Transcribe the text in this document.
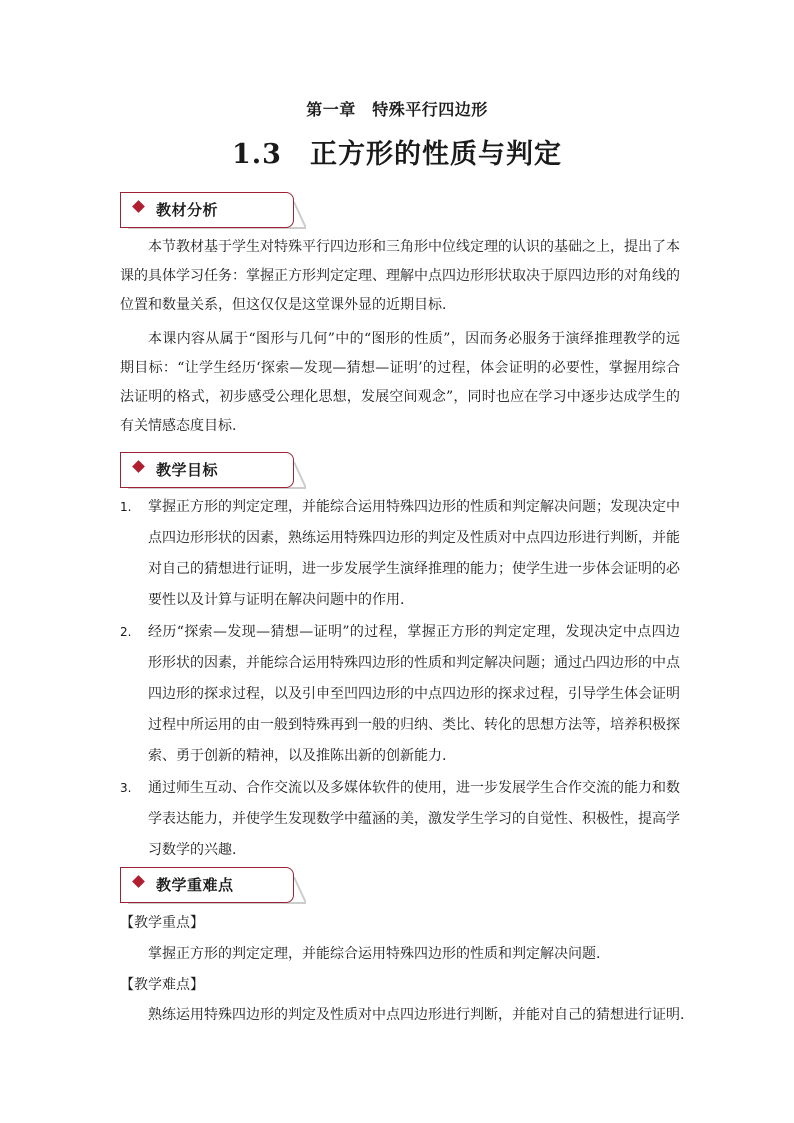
第一章　特殊平行四边形
1.3　正方形的性质与判定
教材分析
本节教材基于学生对特殊平行四边形和三角形中位线定理的认识的基础之上，提出了本课的具体学习任务：掌握正方形判定定理、理解中点四边形形状取决于原四边形的对角线的位置和数量关系，但这仅仅是这堂课外显的近期目标.
本课内容从属于“图形与几何”中的“图形的性质”，因而务必服务于演绎推理教学的远期目标：“让学生经历‘探索—发现—猜想—证明’的过程，体会证明的必要性，掌握用综合法证明的格式，初步感受公理化思想，发展空间观念”，同时也应在学习中逐步达成学生的有关情感态度目标.
教学目标
1. 掌握正方形的判定定理，并能综合运用特殊四边形的性质和判定解决问题；发现决定中点四边形形状的因素，熟练运用特殊四边形的判定及性质对中点四边形进行判断，并能对自己的猜想进行证明，进一步发展学生演绎推理的能力；使学生进一步体会证明的必要性以及计算与证明在解决问题中的作用.
2. 经历“探索—发现—猜想—证明”的过程，掌握正方形的判定定理，发现决定中点四边形形状的因素，并能综合运用特殊四边形的性质和判定解决问题；通过凸四边形的中点四边形的探求过程，以及引申至凹四边形的中点四边形的探求过程，引导学生体会证明过程中所运用的由一般到特殊再到一般的归纳、类比、转化的思想方法等，培养积极探索、勇于创新的精神，以及推陈出新的创新能力.
3. 通过师生互动、合作交流以及多媒体软件的使用，进一步发展学生合作交流的能力和数学表达能力，并使学生发现数学中蕴涵的美，激发学生学习的自觉性、积极性，提高学习数学的兴趣.
教学重难点
【教学重点】
掌握正方形的判定定理，并能综合运用特殊四边形的性质和判定解决问题.
【教学难点】
熟练运用特殊四边形的判定及性质对中点四边形进行判断，并能对自己的猜想进行证明.
